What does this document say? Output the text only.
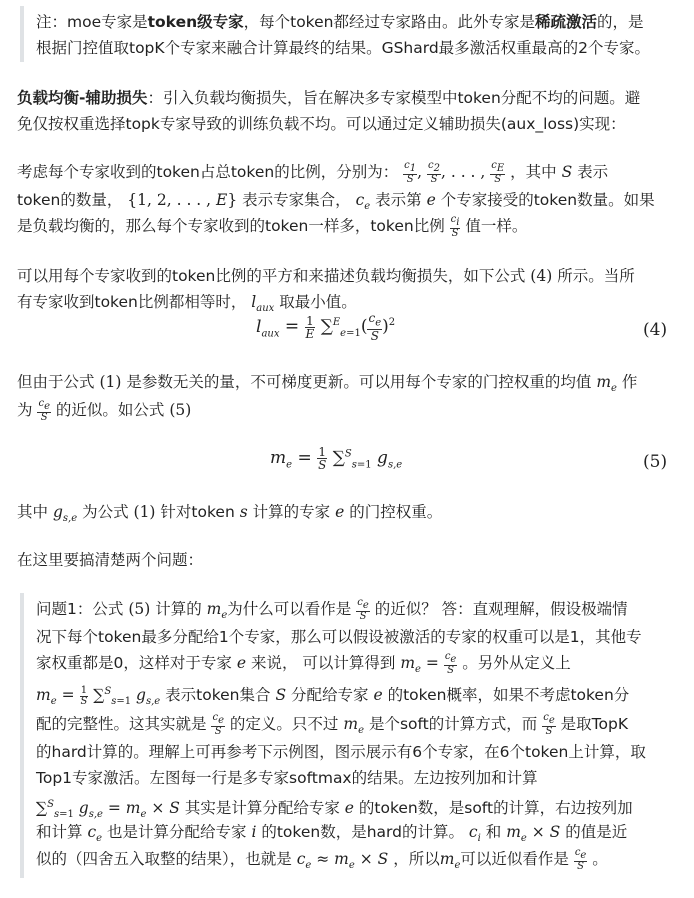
注：moe专家是token级专家，每个token都经过专家路由。此外专家是稀疏激活的，是
根据门控值取topK个专家来融合计算最终的结果。GShard最多激活权重最高的2个专家。
负载均衡-辅助损失：引入负载均衡损失，旨在解决多专家模型中token分配不均的问题。避
免仅按权重选择topk专家导致的训练负载不均。可以通过定义辅助损失(aux_loss)实现：
考虑每个专家收到的token占总token的比例，分别为： $\frac{c_1}{S}$ , $\frac{c_2}{S}$ , . . . , $\frac{c_E}{S}$ ，其中 S 表示
token的数量， {1, 2, . . . , E} 表示专家集合， $c_e$ 表示第 e 个专家接受的token数量。如果
是负载均衡的，那么每个专家收到的token一样多，token比例 $\frac{c_i}{S}$ 值一样。
可以用每个专家收到的token比例的平方和来描述负载均衡损失，如下公式 (4) 所示。当所
有专家收到token比例都相等时， $l_{aux}$ 取最小值。
$l_{aux} = \frac{1}{E} \sum^E_{e=1}( \frac{c_e}{S} )^2$	(4)
但由于公式 (1) 是参数无关的量，不可梯度更新。可以用每个专家的门控权重的均值 $m_e$ 作
为 $\frac{c_e}{S}$ 的近似。如公式 (5)
$m_e = \frac{1}{S} \sum^S_{s=1}$ $g_{s,e}$	(5)
其中 $g_{s,e}$ 为公式 (1) 针对token s 计算的专家 e 的门控权重。
在这里要搞清楚两个问题：
问题1：公式 (5) 计算的 $m_e$为什么可以看作是 $\frac{c_e}{S}$ 的近似？ 答：直观理解，假设极端情
况下每个token最多分配给1个专家，那么可以假设被激活的专家的权重可以是1，其他专
家权重都是0，这样对于专家 e 来说， 可以计算得到 $m_e = \frac{c_e}{S}$ 。另外从定义上
$m_e = \frac{1}{S} \sum^S_{s=1}$ $g_{s,e}$ 表示token集合 S 分配给专家 e 的token概率，如果不考虑token分
配的完整性。这其实就是 $\frac{c_e}{S}$ 的定义。只不过 $m_e$ 是个soft的计算方式，而 $\frac{c_e}{S}$ 是取TopK
的hard计算的。理解上可再参考下示例图，图示展示有6个专家，在6个token上计算，取
Top1专家激活。左图每一行是多专家softmax的结果。左边按列加和计算
∑$^S_{s=1}$ $g_{s,e} = m_e \times S$ 其实是计算分配给专家 e 的token数，是soft的计算，右边按列加
和计算 $c_e$ 也是计算分配给专家 i 的token数，是hard的计算。 $c_i$ 和 $m_e \times S$ 的值是近
似的（四舍五入取整的结果），也就是 $c_e \approx m_e \times S$ ，所以$m_e$可以近似看作是 $\frac{c_e}{S}$ 。
